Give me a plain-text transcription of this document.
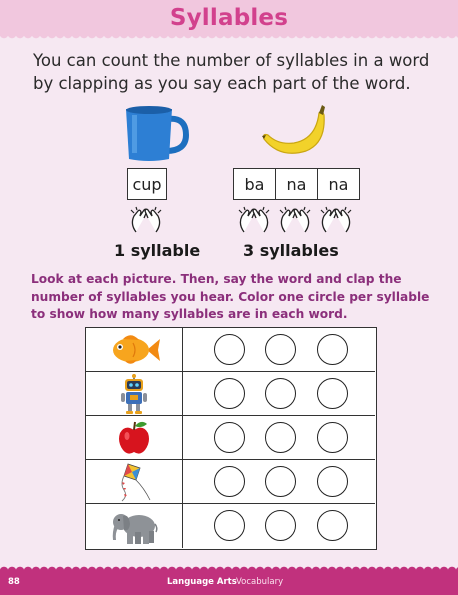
Syllables
You can count the number of syllables in a word by clapping as you say each part of the word.
cup	ba	na	na
1 syllable	3 syllables
Look at each picture. Then, say the word and clap the number of syllables you hear. Color one circle per syllable to show how many syllables are in each word.
88	Language Arts Vocabulary
